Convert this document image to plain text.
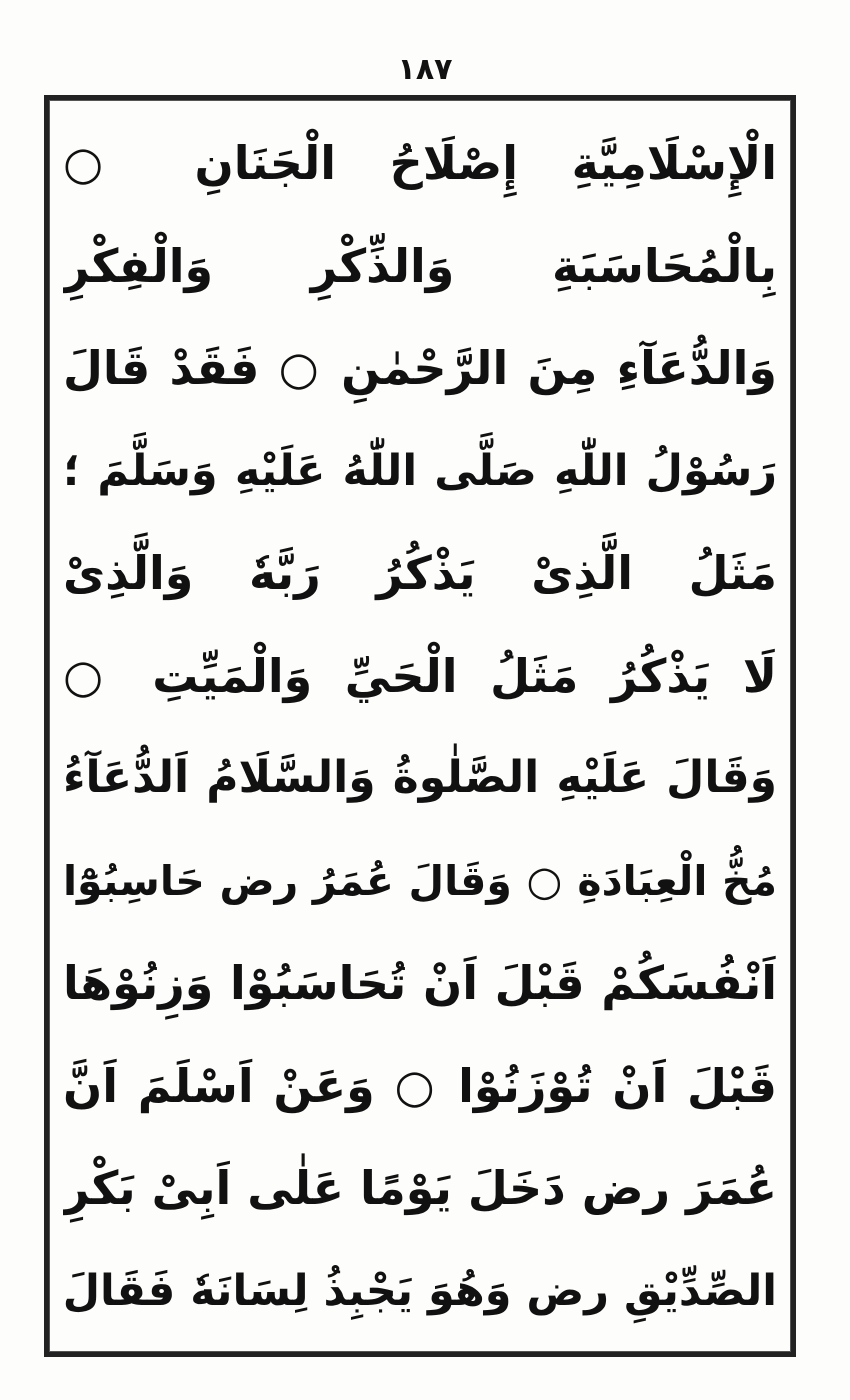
۱۸۷
الْإِسْلَامِيَّةِ إِصْلَاحُ الْجَنَانِ ○
بِالْمُحَاسَبَةِ وَالذِّكْرِ وَالْفِكْرِ
وَالدُّعَآءِ مِنَ الرَّحْمٰنِ ○ فَقَدْ قَالَ
رَسُوْلُ اللّٰهِ صَلَّى اللّٰهُ عَلَيْهِ وَسَلَّمَ ؛
مَثَلُ الَّذِىْ يَذْكُرُ رَبَّهٗ وَالَّذِىْ
لَا يَذْكُرُ مَثَلُ الْحَيِّ وَالْمَيِّتِ ○
وَقَالَ عَلَيْهِ الصَّلٰوةُ وَالسَّلَامُ اَلدُّعَآءُ
مُخُّ الْعِبَادَةِ ○ وَقَالَ عُمَرُ رض حَاسِبُوْٓا
اَنْفُسَكُمْ قَبْلَ اَنْ تُحَاسَبُوْا وَزِنُوْهَا
قَبْلَ اَنْ تُوْزَنُوْا ○ وَعَنْ اَسْلَمَ اَنَّ
عُمَرَ رض دَخَلَ يَوْمًا عَلٰى اَبِىْ بَكْرِ
الصِّدِّيْقِ رض وَهُوَ يَجْبِذُ لِسَانَهٗ فَقَالَ
